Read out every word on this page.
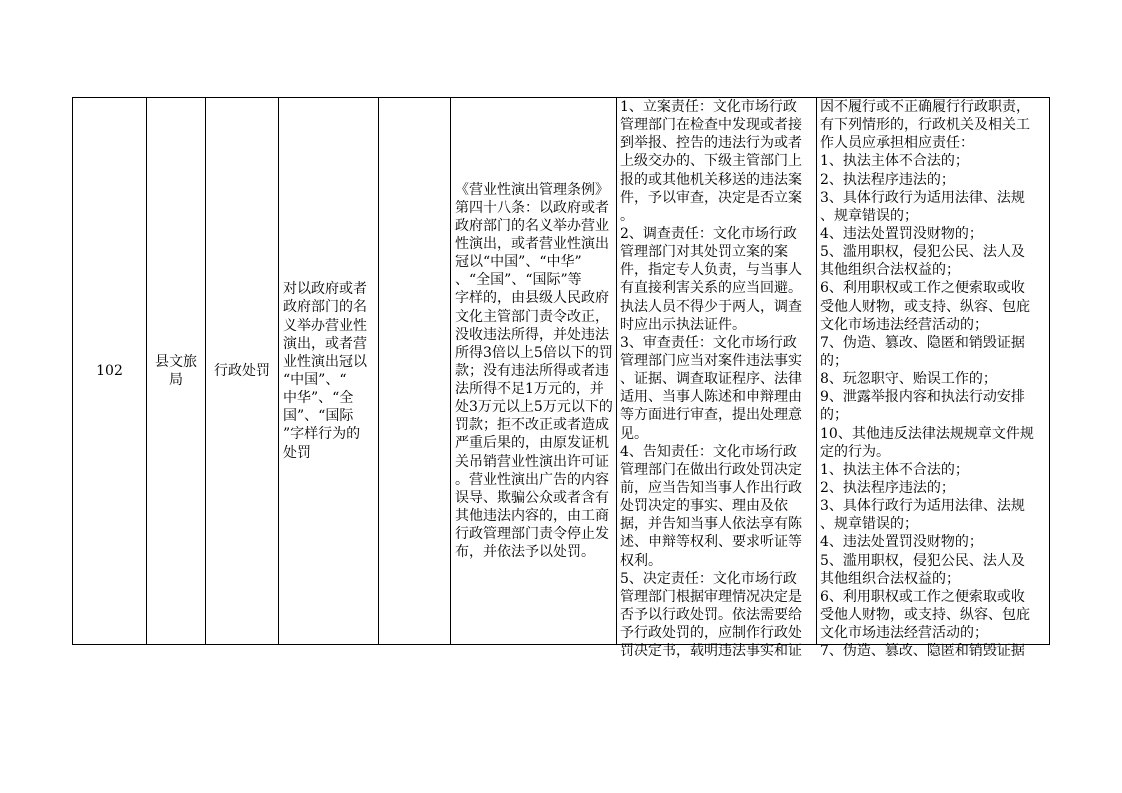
102
县文旅
局
行政处罚
对以政府或者
政府部门的名
义举办营业性
演出，或者营
业性演出冠以
“中国”、“
中华”、“全
国”、“国际
”字样行为的
处罚
《营业性演出管理条例》
第四十八条：以政府或者
政府部门的名义举办营业
性演出，或者营业性演出
冠以“中国”、“中华”
、“全国”、“国际”等
字样的，由县级人民政府
文化主管部门责令改正，
没收违法所得，并处违法
所得3倍以上5倍以下的罚
款；没有违法所得或者违
法所得不足1万元的，并
处3万元以上5万元以下的
罚款；拒不改正或者造成
严重后果的，由原发证机
关吊销营业性演出许可证
。营业性演出广告的内容
误导、欺骗公众或者含有
其他违法内容的，由工商
行政管理部门责令停止发
布，并依法予以处罚。
1、立案责任：文化市场行政
管理部门在检查中发现或者接
到举报、控告的违法行为或者
上级交办的、下级主管部门上
报的或其他机关移送的违法案
件，予以审查，决定是否立案
。
2、调查责任：文化市场行政
管理部门对其处罚立案的案
件，指定专人负责，与当事人
有直接利害关系的应当回避。
执法人员不得少于两人，调查
时应出示执法证件。
3、审查责任：文化市场行政
管理部门应当对案件违法事实
、证据、调查取证程序、法律
适用、当事人陈述和申辩理由
等方面进行审查，提出处理意
见。
4、告知责任：文化市场行政
管理部门在做出行政处罚决定
前，应当告知当事人作出行政
处罚决定的事实、理由及依
据，并告知当事人依法享有陈
述、申辩等权利、要求听证等
权利。
5、决定责任：文化市场行政
管理部门根据审理情况决定是
否予以行政处罚。依法需要给
予行政处罚的，应制作行政处
罚决定书，载明违法事实和证
因不履行或不正确履行行政职责，
有下列情形的，行政机关及相关工
作人员应承担相应责任：
1、执法主体不合法的；
2、执法程序违法的；
3、具体行政行为适用法律、法规
、规章错误的；
4、违法处置罚没财物的；
5、滥用职权，侵犯公民、法人及
其他组织合法权益的；
6、利用职权或工作之便索取或收
受他人财物，或支持、纵容、包庇
文化市场违法经营活动的；
7、伪造、篡改、隐匿和销毁证据
的；
8、玩忽职守、贻误工作的；
9、泄露举报内容和执法行动安排
的；
10、其他违反法律法规规章文件规
定的行为。
1、执法主体不合法的；
2、执法程序违法的；
3、具体行政行为适用法律、法规
、规章错误的；
4、违法处置罚没财物的；
5、滥用职权，侵犯公民、法人及
其他组织合法权益的；
6、利用职权或工作之便索取或收
受他人财物，或支持、纵容、包庇
文化市场违法经营活动的；
7、伪造、篡改、隐匿和销毁证据
